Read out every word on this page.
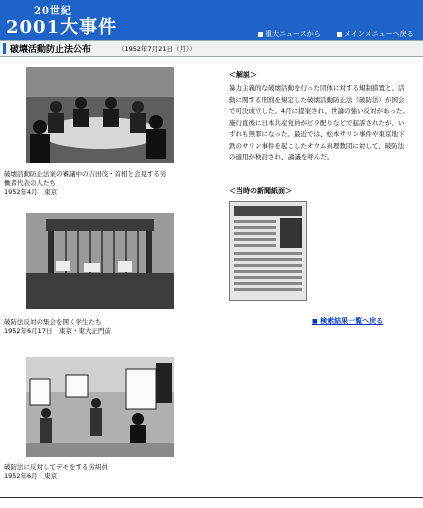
20世紀
2001大事件	重大ニュースから	メインメニューへ戻る
破壊活動防止法公布	（1952年7月21日（月））
破壊活動防止法案の審議中の吉田茂・首相と会見する労
働者代表の人たち
1952年4月　東京
破防法反対の集会を開く学生たち
1952年6月17日　東京・東大正門前
破防法に反対してデモをする労組員
1952年6月　東京
＜解説＞
暴力主義的な破壊活動を行った団体に対する規制措置と、活動に関する刑罰を規定した破壊活動防止法（破防法）が国会で可決成立した。4月に提案され、世論の強い反対があった。施行直後に日本共産党員がビラ配りなどで起訴されたが、いずれも無罪になった。最近では、松本サリン事件や東京地下鉄のサリン事件を起こしたオウム真理教団に対して、破防法の適用が検討され、論議を呼んだ。
＜当時の新聞紙面＞
■ 検索結果一覧へ戻る
